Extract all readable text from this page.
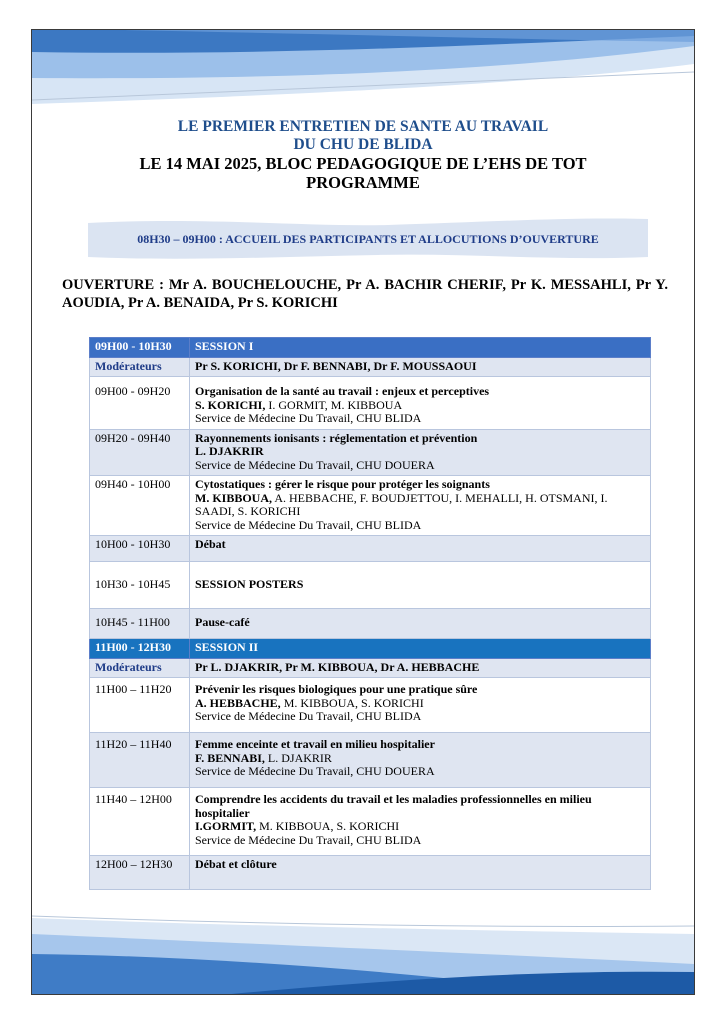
LE PREMIER ENTRETIEN DE SANTE AU TRAVAIL
DU CHU DE BLIDA
LE 14 MAI 2025, BLOC PEDAGOGIQUE DE L’EHS DE TOT
PROGRAMME
08H30 – 09H00 : ACCUEIL DES PARTICIPANTS ET ALLOCUTIONS D’OUVERTURE
OUVERTURE : Mr A. BOUCHELOUCHE, Pr A. BACHIR CHERIF, Pr K. MESSAHLI, Pr Y. AOUDIA, Pr A. BENAIDA, Pr S. KORICHI
09H00 - 10H30	SESSION I
Modérateurs	Pr S. KORICHI, Dr F. BENNABI, Dr F. MOUSSAOUI
09H00 - 09H20	Organisation de la santé au travail : enjeux et perceptives
S. KORICHI, I. GORMIT, M. KIBBOUA
Service de Médecine Du Travail, CHU BLIDA

09H20 - 09H40	Rayonnements ionisants : réglementation et prévention
L. DJAKRIR
Service de Médecine Du Travail, CHU DOUERA

09H40 - 10H00	Cytostatiques : gérer le risque pour protéger les soignants
M. KIBBOUA, A. HEBBACHE, F. BOUDJETTOU, I. MEHALLI, H. OTSMANI, I. SAADI, S. KORICHI
Service de Médecine Du Travail, CHU BLIDA

10H00 - 10H30	Débat
10H30 - 10H45	SESSION POSTERS
10H45 - 11H00	Pause-café
11H00 - 12H30	SESSION II
Modérateurs	Pr L. DJAKRIR, Pr M. KIBBOUA, Dr A. HEBBACHE
11H00 – 11H20	Prévenir les risques biologiques pour une pratique sûre
A. HEBBACHE, M. KIBBOUA, S. KORICHI
Service de Médecine Du Travail, CHU BLIDA

11H20 – 11H40	Femme enceinte et travail en milieu hospitalier
F. BENNABI, L. DJAKRIR
Service de Médecine Du Travail, CHU DOUERA

11H40 – 12H00	Comprendre les accidents du travail et les maladies professionnelles en milieu hospitalier
I.GORMIT, M. KIBBOUA, S. KORICHI
Service de Médecine Du Travail, CHU BLIDA

12H00 – 12H30	Débat et clôture
